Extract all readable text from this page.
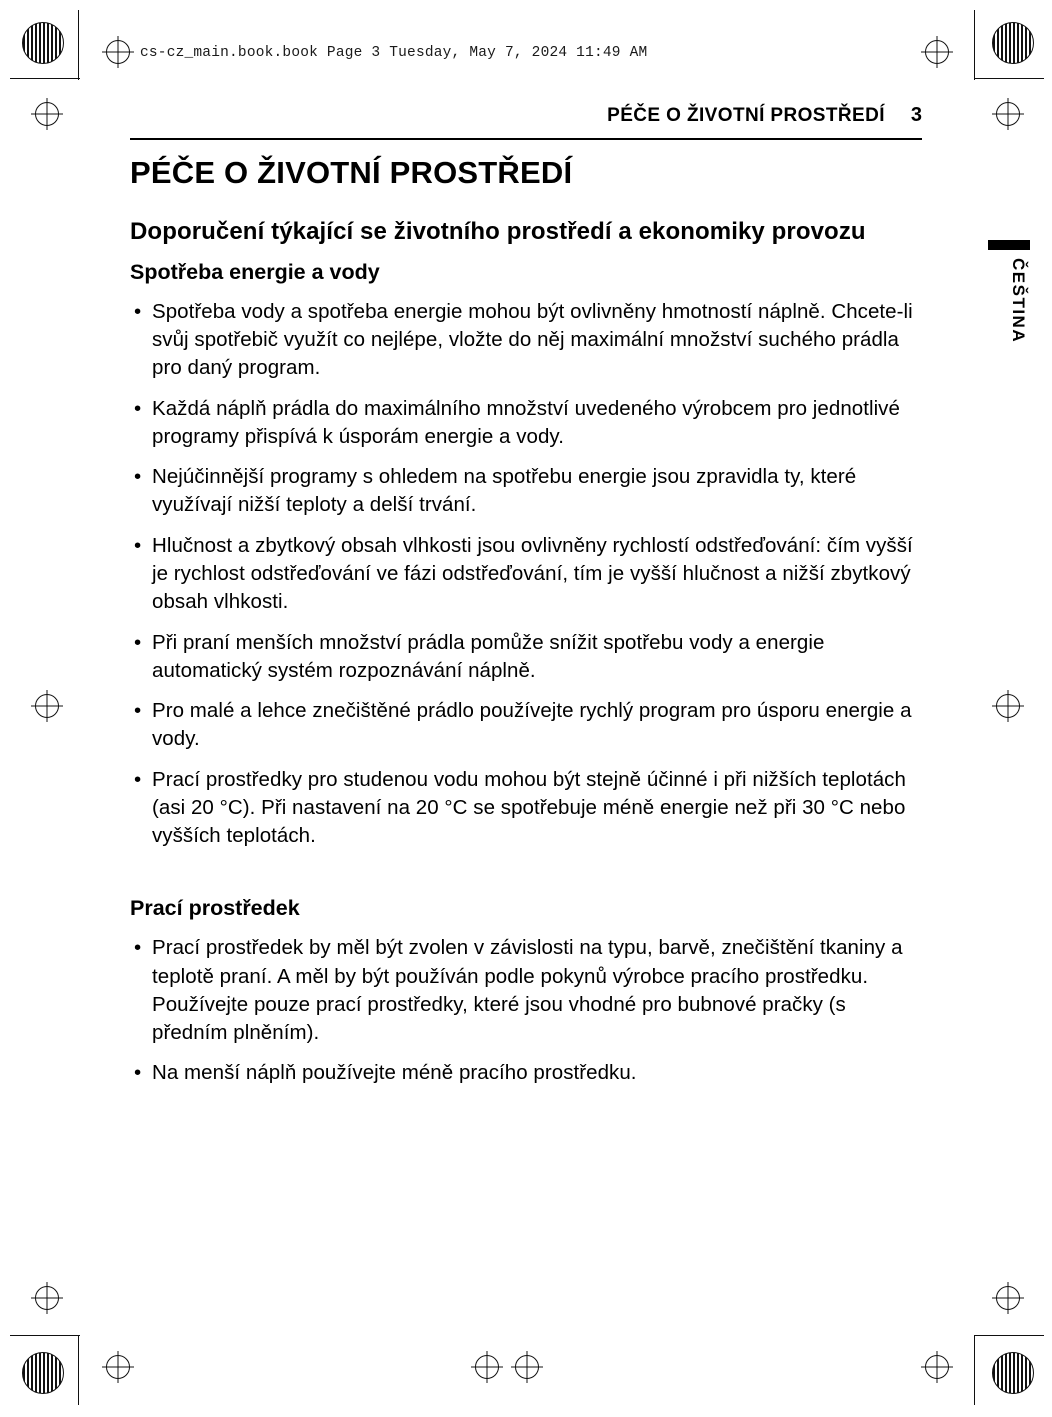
cs-cz_main.book.book Page 3 Tuesday, May 7, 2024 11:49 AM
PÉČE O ŽIVOTNÍ PROSTŘEDÍ 3
ČEŠTINA
PÉČE O ŽIVOTNÍ PROSTŘEDÍ
Doporučení týkající se životního prostředí a ekonomiky provozu
Spotřeba energie a vody
• Spotřeba vody a spotřeba energie mohou být ovlivněny hmotností náplně. Chcete-li svůj spotřebič využít co nejlépe, vložte do něj maximální množství suchého prádla pro daný program.
• Každá náplň prádla do maximálního množství uvedeného výrobcem pro jednotlivé programy přispívá k úsporám energie a vody.
• Nejúčinnější programy s ohledem na spotřebu energie jsou zpravidla ty, které využívají nižší teploty a delší trvání.
• Hlučnost a zbytkový obsah vlhkosti jsou ovlivněny rychlostí odstřeďování: čím vyšší je rychlost odstřeďování ve fázi odstřeďování, tím je vyšší hlučnost a nižší zbytkový obsah vlhkosti.
• Při praní menších množství prádla pomůže snížit spotřebu vody a energie automatický systém rozpoznávání náplně.
• Pro malé a lehce znečištěné prádlo používejte rychlý program pro úsporu energie a vody.
• Prací prostředky pro studenou vodu mohou být stejně účinné i při nižších teplotách (asi 20 °C). Při nastavení na 20 °C se spotřebuje méně energie než při 30 °C nebo vyšších teplotách.
Prací prostředek
• Prací prostředek by měl být zvolen v závislosti na typu, barvě, znečištění tkaniny a teplotě praní. A měl by být používán podle pokynů výrobce pracího prostředku. Používejte pouze prací prostředky, které jsou vhodné pro bubnové pračky (s předním plněním).
• Na menší náplň používejte méně pracího prostředku.
